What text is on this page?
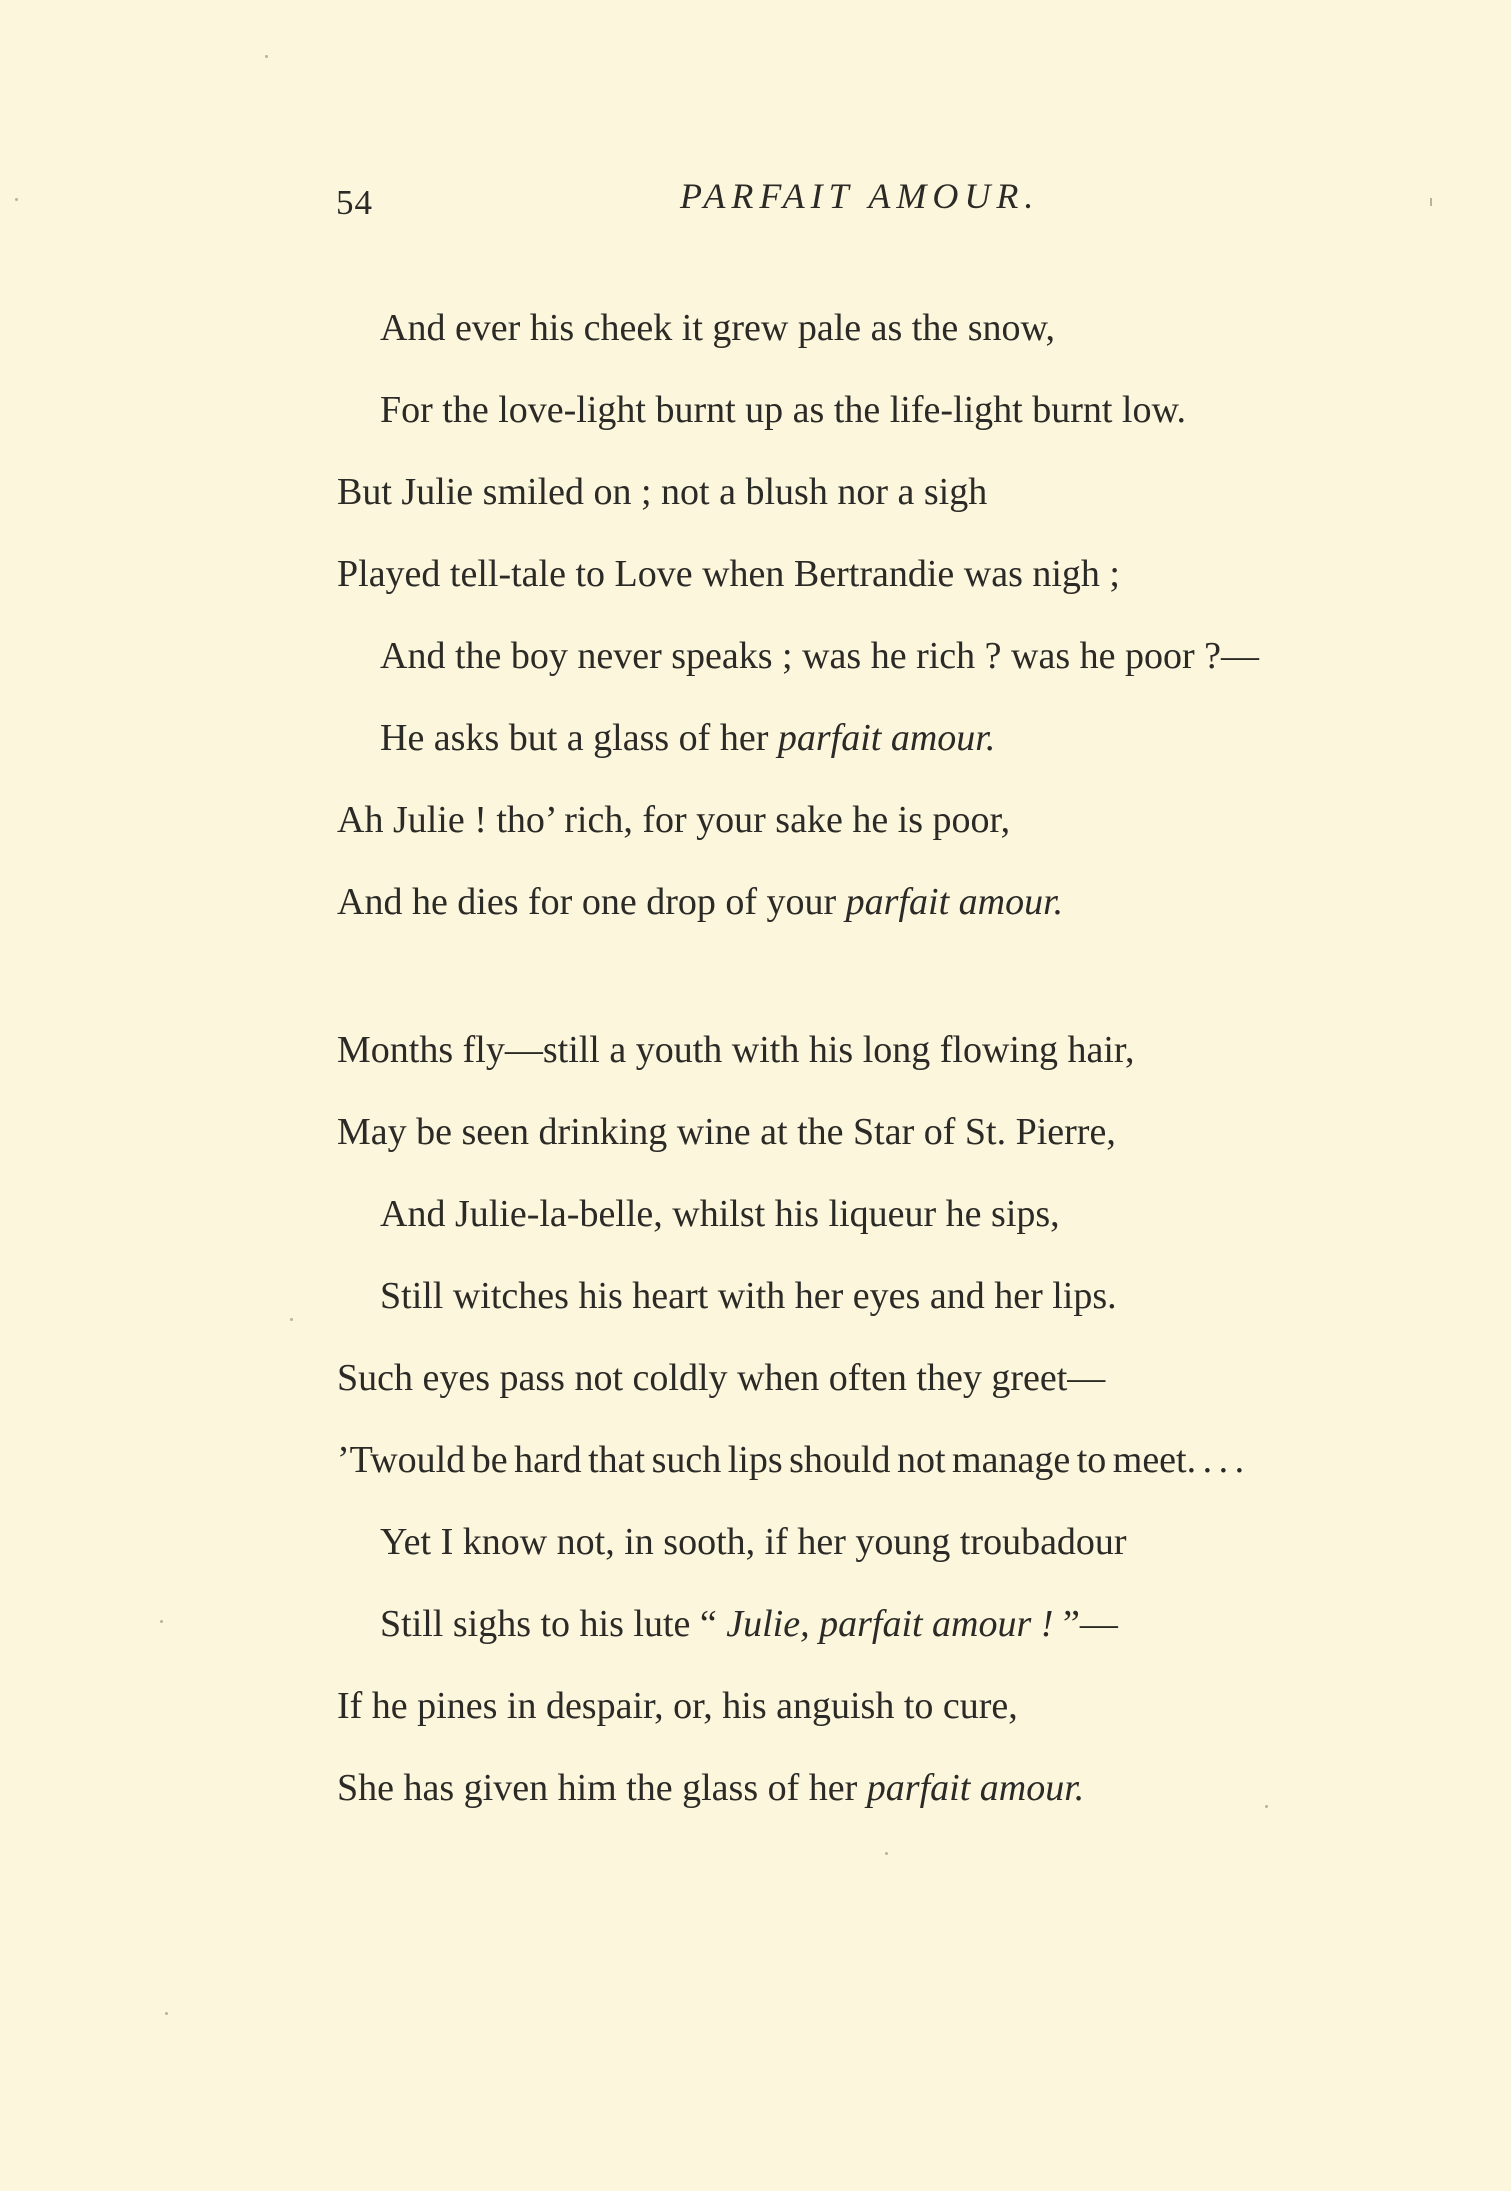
54	PARFAIT AMOUR.
And ever his cheek it grew pale as the snow,
For the love-light burnt up as the life-light burnt low.
But Julie smiled on ; not a blush nor a sigh
Played tell-tale to Love when Bertrandie was nigh ;
And the boy never speaks ; was he rich ? was he poor ?—
He asks but a glass of her parfait amour.
Ah Julie ! tho’ rich, for your sake he is poor,
And he dies for one drop of your parfait amour.
Months fly—still a youth with his long flowing hair,
May be seen drinking wine at the Star of St. Pierre,
And Julie-la-belle, whilst his liqueur he sips,
Still witches his heart with her eyes and her lips.
Such eyes pass not coldly when often they greet—
’Twould be hard that such lips should not manage to meet. . . .
Yet I know not, in sooth, if her young troubadour
Still sighs to his lute “ Julie, parfait amour ! ”—
If he pines in despair, or, his anguish to cure,
She has given him the glass of her parfait amour.
